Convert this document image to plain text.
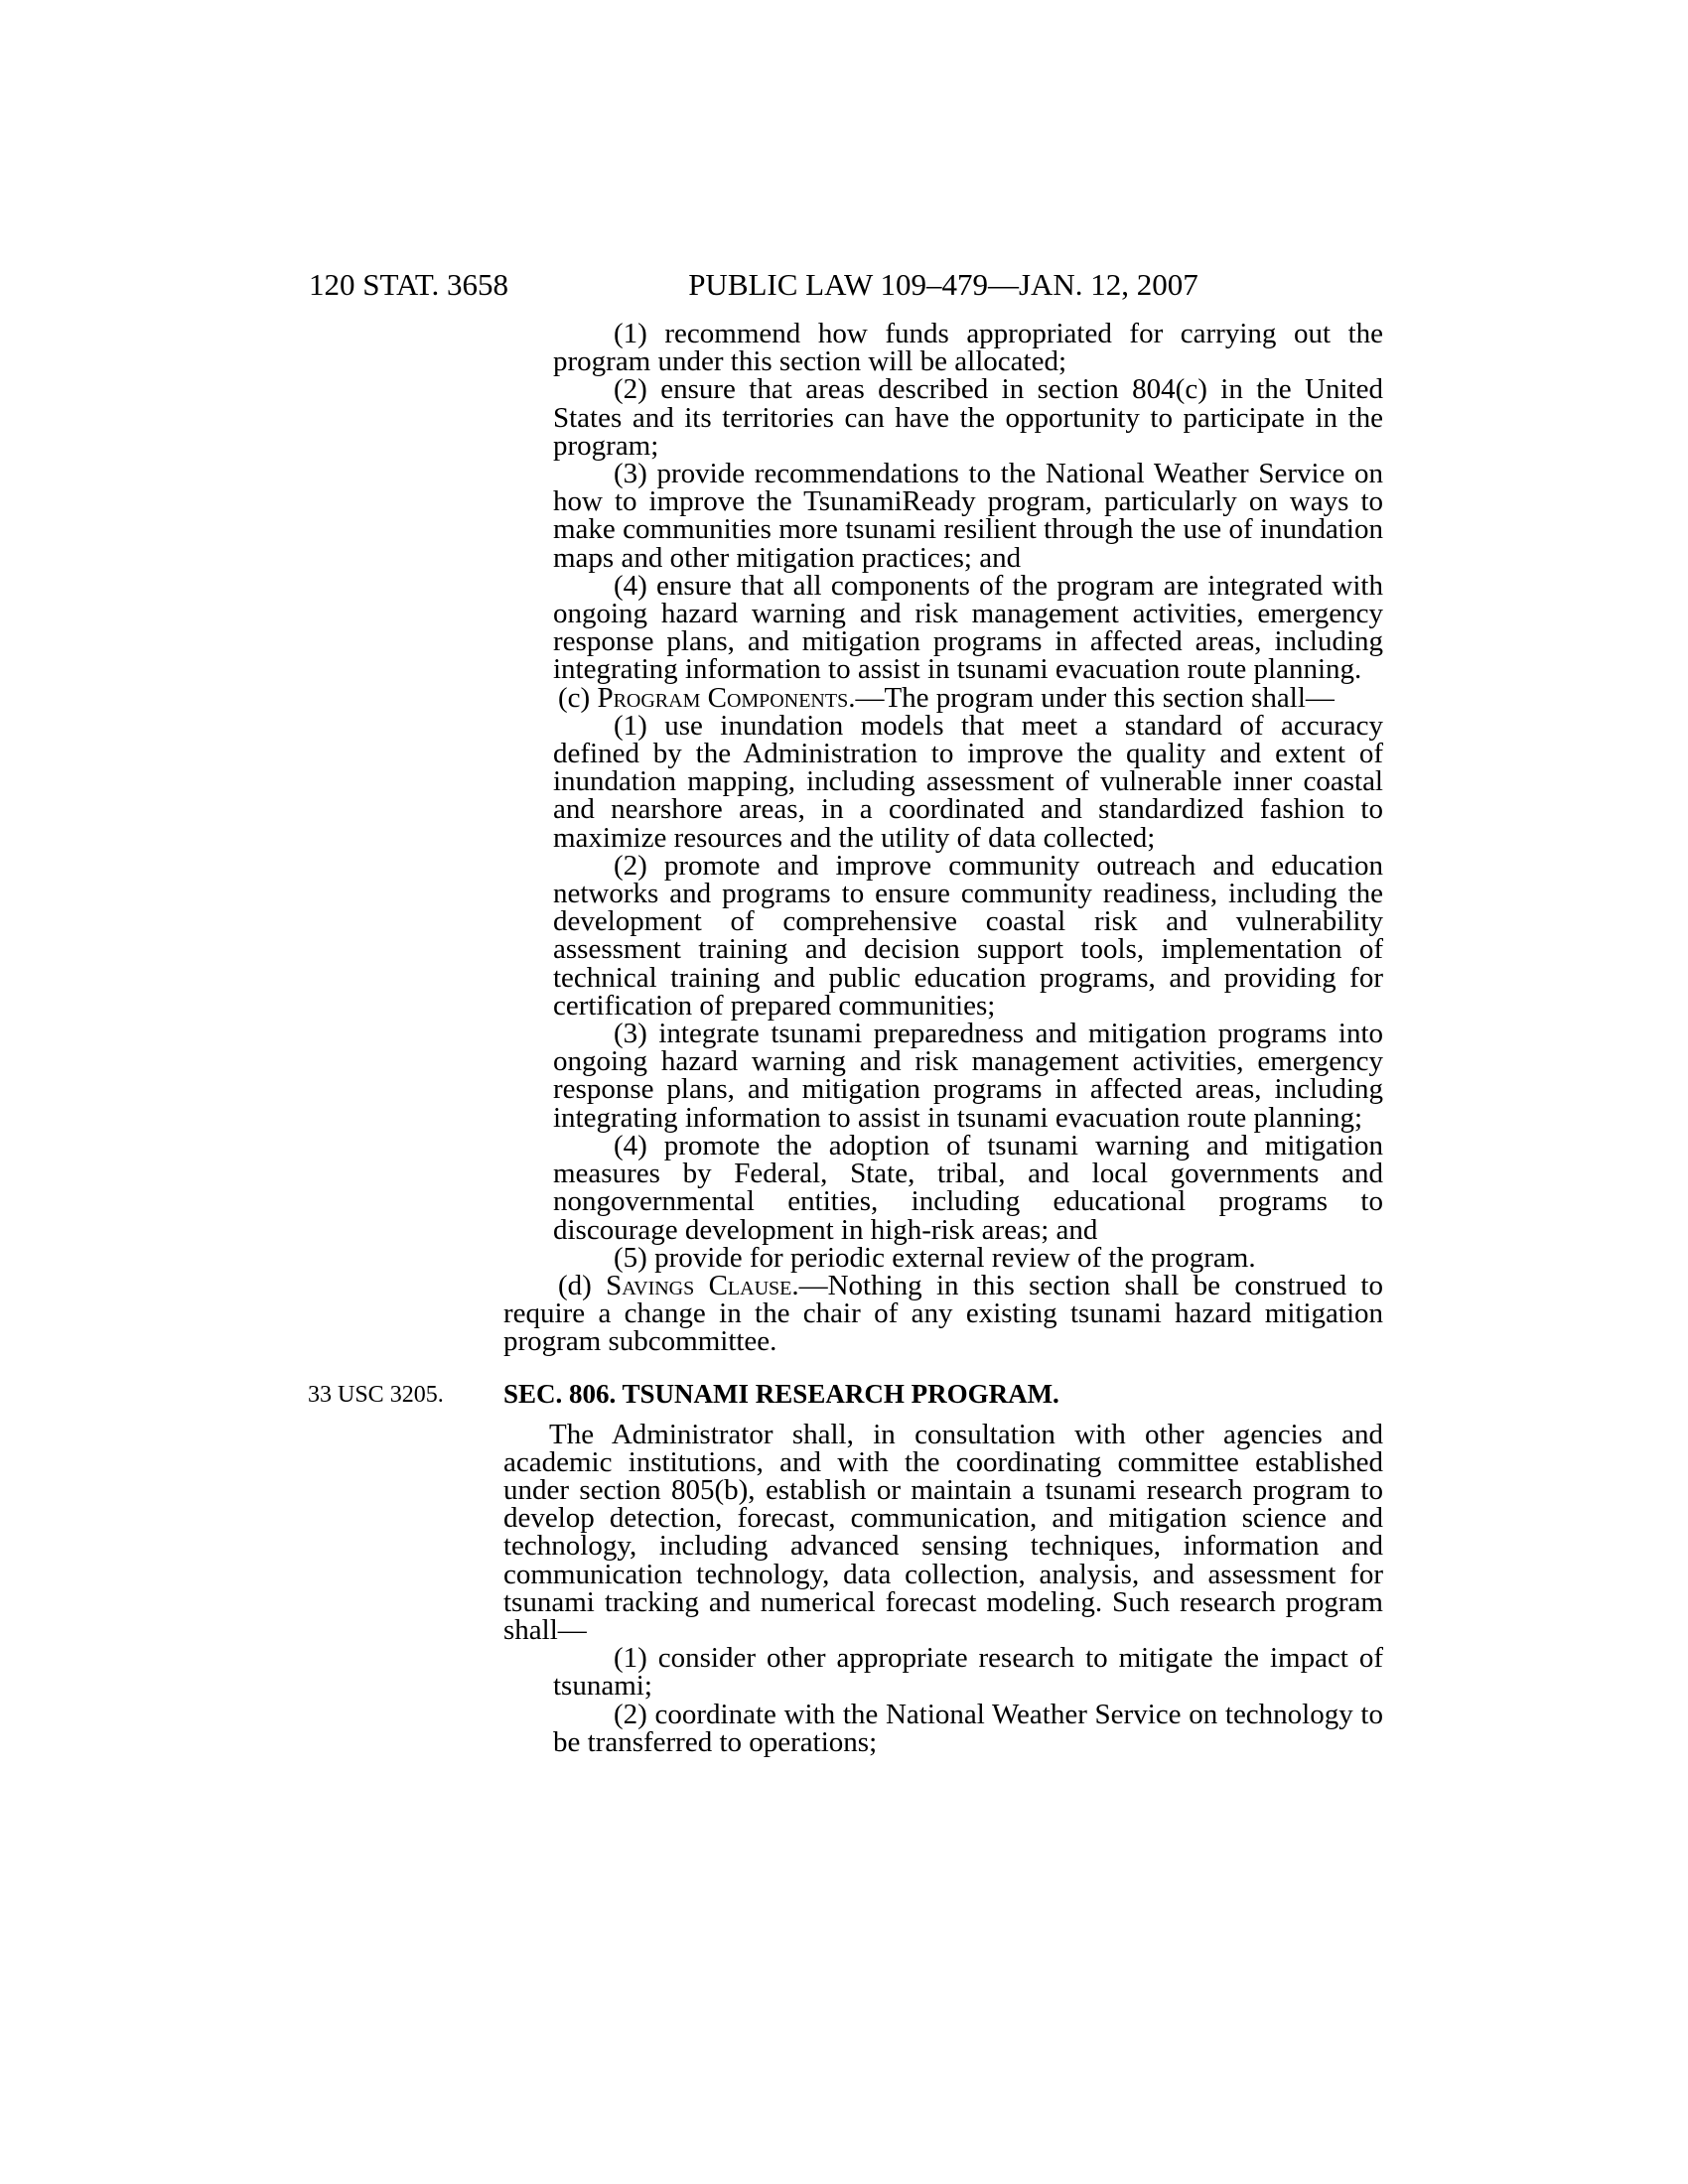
120 STAT. 3658	PUBLIC LAW 109–479—JAN. 12, 2007

(1) recommend how funds appropriated for carrying out the program under this section will be allocated;

(2) ensure that areas described in section 804(c) in the United States and its territories can have the opportunity to participate in the program;

(3) provide recommendations to the National Weather Service on how to improve the TsunamiReady program, particularly on ways to make communities more tsunami resilient through the use of inundation maps and other mitigation practices; and

(4) ensure that all components of the program are integrated with ongoing hazard warning and risk management activities, emergency response plans, and mitigation programs in affected areas, including integrating information to assist in tsunami evacuation route planning.

(c) Program Components.—The program under this section shall—

(1) use inundation models that meet a standard of accuracy defined by the Administration to improve the quality and extent of inundation mapping, including assessment of vulnerable inner coastal and nearshore areas, in a coordinated and standardized fashion to maximize resources and the utility of data collected;

(2) promote and improve community outreach and education networks and programs to ensure community readiness, including the development of comprehensive coastal risk and vulnerability assessment training and decision support tools, implementation of technical training and public education programs, and providing for certification of prepared communities;

(3) integrate tsunami preparedness and mitigation programs into ongoing hazard warning and risk management activities, emergency response plans, and mitigation programs in affected areas, including integrating information to assist in tsunami evacuation route planning;

(4) promote the adoption of tsunami warning and mitigation measures by Federal, State, tribal, and local governments and nongovernmental entities, including educational programs to discourage development in high-risk areas; and

(5) provide for periodic external review of the program.

(d) Savings Clause.—Nothing in this section shall be construed to require a change in the chair of any existing tsunami hazard mitigation program subcommittee.

33 USC 3205.	SEC. 806. TSUNAMI RESEARCH PROGRAM.

The Administrator shall, in consultation with other agencies and academic institutions, and with the coordinating committee established under section 805(b), establish or maintain a tsunami research program to develop detection, forecast, communication, and mitigation science and technology, including advanced sensing techniques, information and communication technology, data collection, analysis, and assessment for tsunami tracking and numerical forecast modeling. Such research program shall—

(1) consider other appropriate research to mitigate the impact of tsunami;

(2) coordinate with the National Weather Service on technology to be transferred to operations;
